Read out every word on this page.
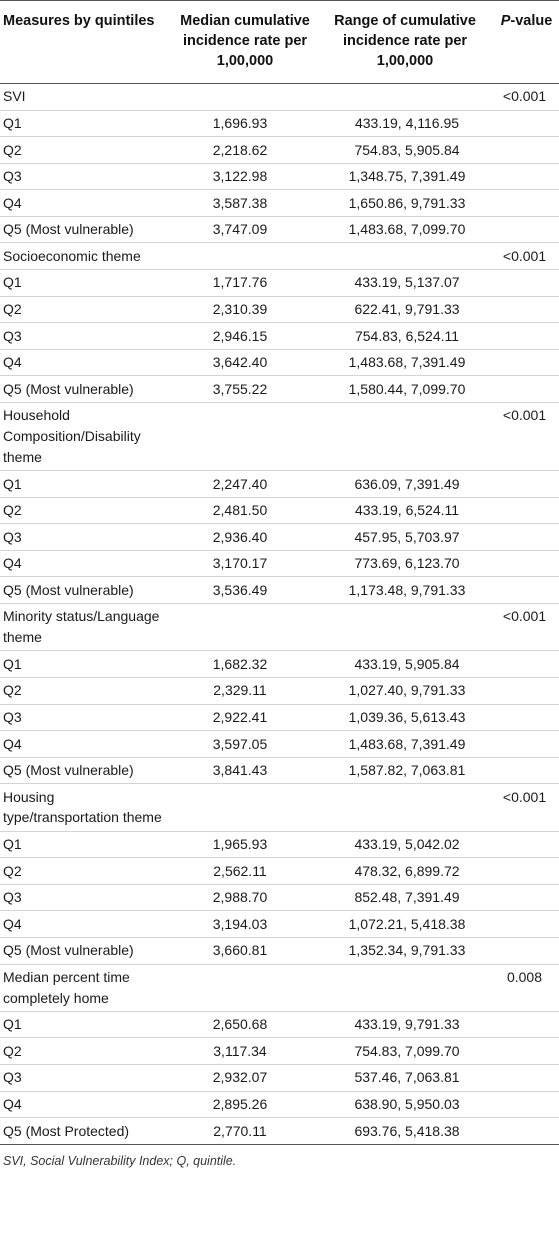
Measures by quintiles	Median cumulative incidence rate per 1,00,000	Range of cumulative incidence rate per 1,00,000	P-value
SVI			<0.001
Q1	1,696.93	433.19, 4,116.95	
Q2	2,218.62	754.83, 5,905.84	
Q3	3,122.98	1,348.75, 7,391.49	
Q4	3,587.38	1,650.86, 9,791.33	
Q5 (Most vulnerable)	3,747.09	1,483.68, 7,099.70	
Socioeconomic theme			<0.001
Q1	1,717.76	433.19, 5,137.07	
Q2	2,310.39	622.41, 9,791.33	
Q3	2,946.15	754.83, 6,524.11	
Q4	3,642.40	1,483.68, 7,391.49	
Q5 (Most vulnerable)	3,755.22	1,580.44, 7,099.70	
Household Composition/Disability theme			<0.001
Q1	2,247.40	636.09, 7,391.49	
Q2	2,481.50	433.19, 6,524.11	
Q3	2,936.40	457.95, 5,703.97	
Q4	3,170.17	773.69, 6,123.70	
Q5 (Most vulnerable)	3,536.49	1,173.48, 9,791.33	
Minority status/Language theme			<0.001
Q1	1,682.32	433.19, 5,905.84	
Q2	2,329.11	1,027.40, 9,791.33	
Q3	2,922.41	1,039.36, 5,613.43	
Q4	3,597.05	1,483.68, 7,391.49	
Q5 (Most vulnerable)	3,841.43	1,587.82, 7,063.81	
Housing type/transportation theme			<0.001
Q1	1,965.93	433.19, 5,042.02	
Q2	2,562.11	478.32, 6,899.72	
Q3	2,988.70	852.48, 7,391.49	
Q4	3,194.03	1,072.21, 5,418.38	
Q5 (Most vulnerable)	3,660.81	1,352.34, 9,791.33	
Median percent time completely home			0.008
Q1	2,650.68	433.19, 9,791.33	
Q2	3,117.34	754.83, 7,099.70	
Q3	2,932.07	537.46, 7,063.81	
Q4	2,895.26	638.90, 5,950.03	
Q5 (Most Protected)	2,770.11	693.76, 5,418.38	
SVI, Social Vulnerability Index; Q, quintile.
